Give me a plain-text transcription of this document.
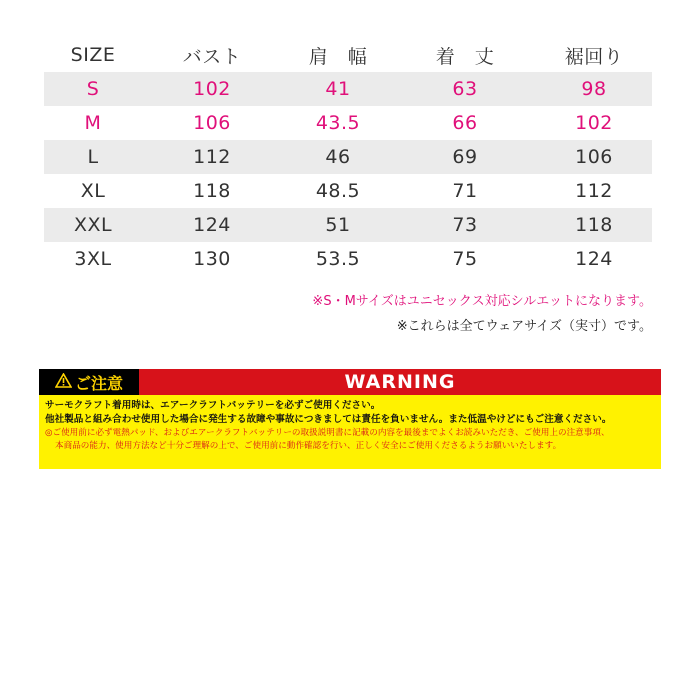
SIZE	バスト	肩　幅	着　丈	裾回り
S	102	41	63	98
M	106	43.5	66	102
L	112	46	69	106
XL	118	48.5	71	112
XXL	124	51	73	118
3XL	130	53.5	75	124
※S・Mサイズはユニセックス対応シルエットになります。
※これらは全てウェアサイズ（実寸）です。
ご注意	WARNING
サーモクラフト着用時は、エアークラフトバッテリーを必ずご使用ください。
他社製品と組み合わせ使用した場合に発生する故障や事故につきましては責任を負いません。また低温やけどにもご注意ください。
◎ご使用前に必ず電熱パッド、およびエアークラフトバッテリーの取扱説明書に記載の内容を最後までよくお読みいただき、ご使用上の注意事項、
本商品の能力、使用方法など十分ご理解の上で、ご使用前に動作確認を行い、正しく安全にご使用くださるようお願いいたします。
